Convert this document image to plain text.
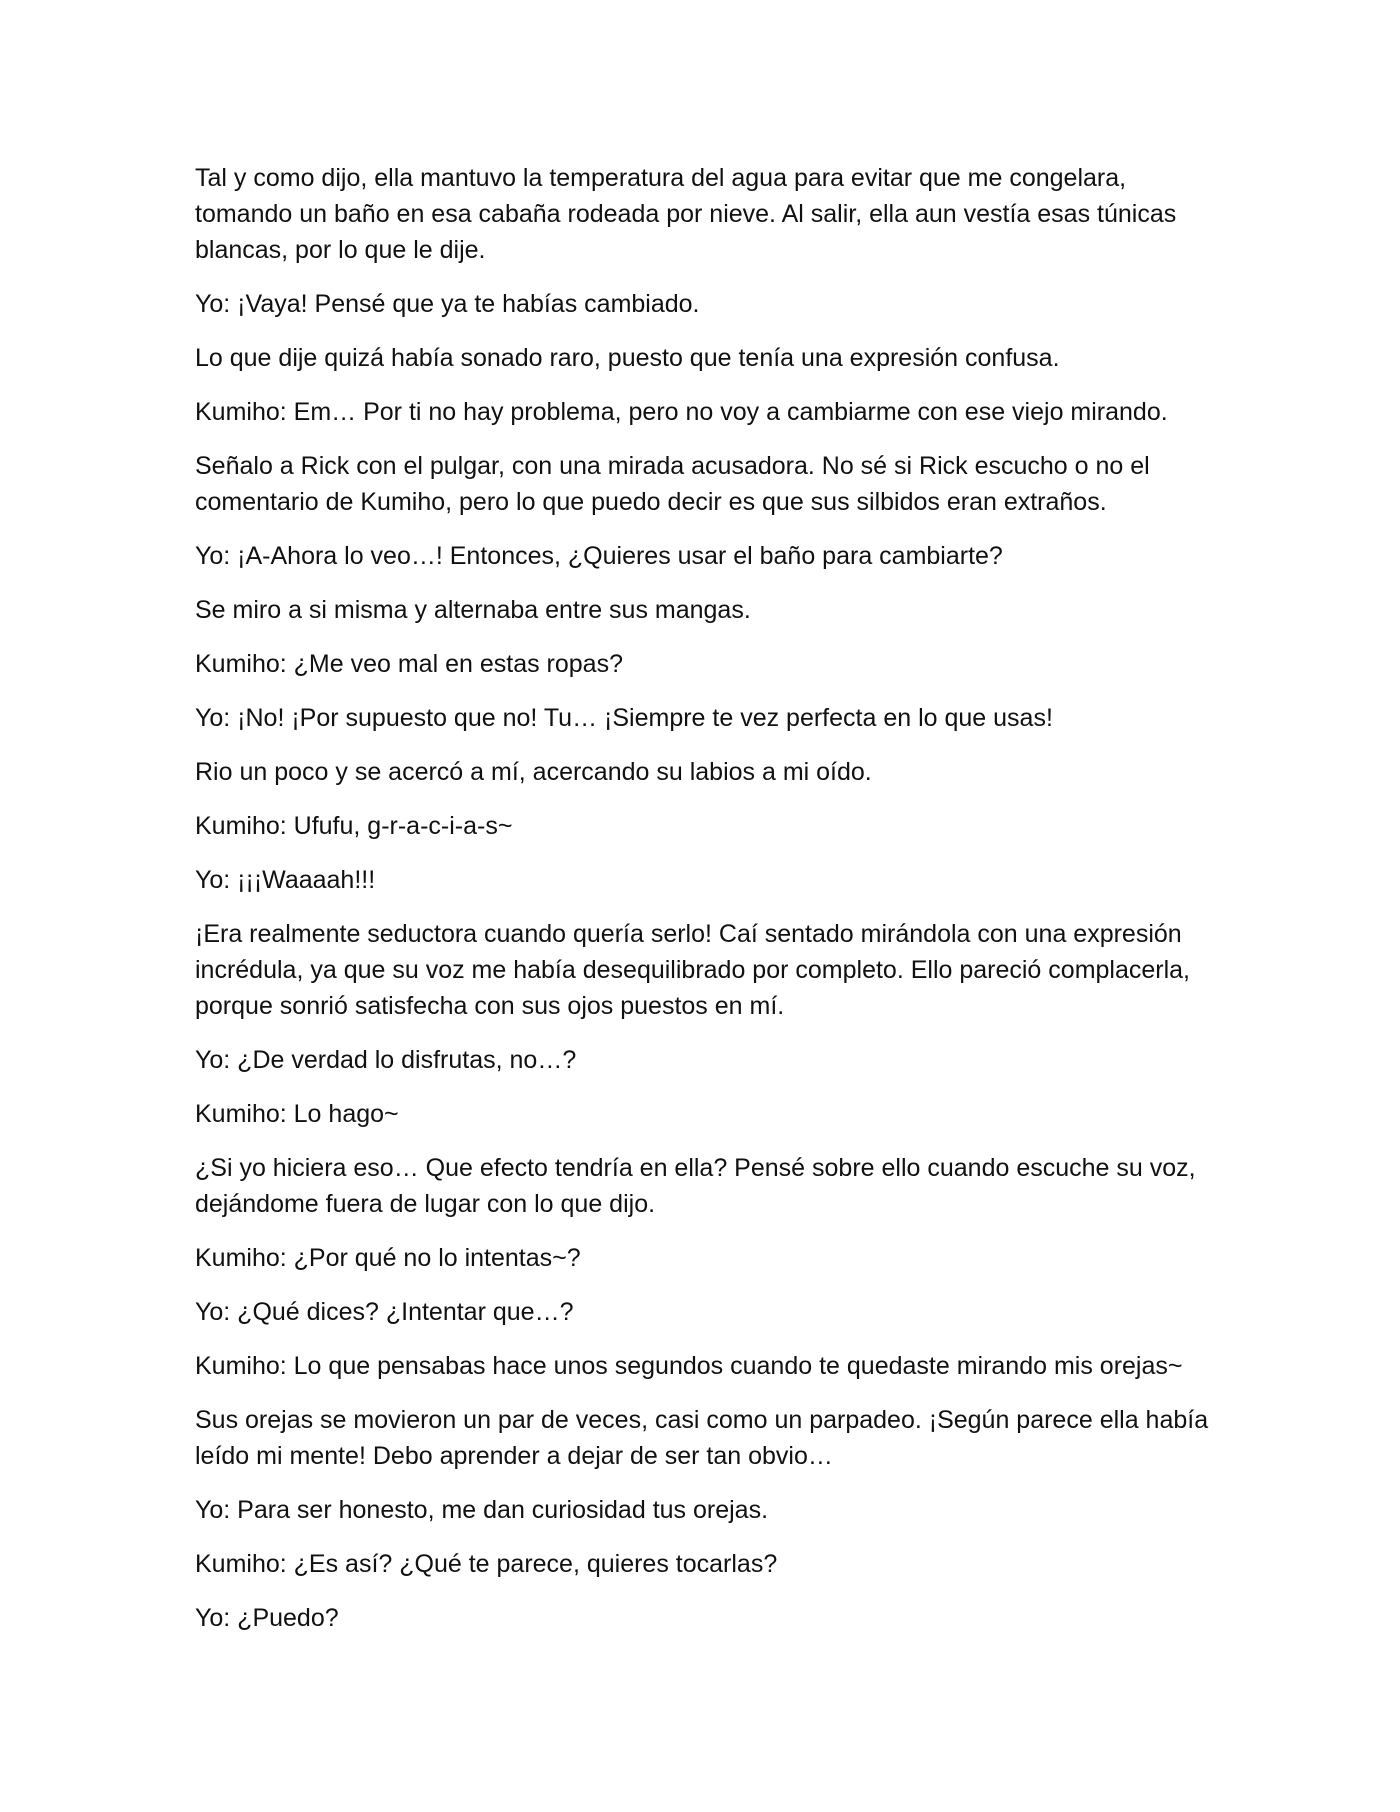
Tal y como dijo, ella mantuvo la temperatura del agua para evitar que me congelara, tomando un baño en esa cabaña rodeada por nieve. Al salir, ella aun vestía esas túnicas blancas, por lo que le dije.

Yo: ¡Vaya! Pensé que ya te habías cambiado.

Lo que dije quizá había sonado raro, puesto que tenía una expresión confusa.

Kumiho: Em… Por ti no hay problema, pero no voy a cambiarme con ese viejo mirando.

Señalo a Rick con el pulgar, con una mirada acusadora. No sé si Rick escucho o no el comentario de Kumiho, pero lo que puedo decir es que sus silbidos eran extraños.

Yo: ¡A-Ahora lo veo…! Entonces, ¿Quieres usar el baño para cambiarte?

Se miro a si misma y alternaba entre sus mangas.

Kumiho: ¿Me veo mal en estas ropas?

Yo: ¡No! ¡Por supuesto que no! Tu… ¡Siempre te vez perfecta en lo que usas!

Rio un poco y se acercó a mí, acercando su labios a mi oído.

Kumiho: Ufufu, g-r-a-c-i-a-s~

Yo: ¡¡¡Waaaah!!!

¡Era realmente seductora cuando quería serlo! Caí sentado mirándola con una expresión incrédula, ya que su voz me había desequilibrado por completo. Ello pareció complacerla, porque sonrió satisfecha con sus ojos puestos en mí.

Yo: ¿De verdad lo disfrutas, no…?

Kumiho: Lo hago~

¿Si yo hiciera eso… Que efecto tendría en ella? Pensé sobre ello cuando escuche su voz, dejándome fuera de lugar con lo que dijo.

Kumiho: ¿Por qué no lo intentas~?

Yo: ¿Qué dices? ¿Intentar que…?

Kumiho: Lo que pensabas hace unos segundos cuando te quedaste mirando mis orejas~

Sus orejas se movieron un par de veces, casi como un parpadeo. ¡Según parece ella había leído mi mente! Debo aprender a dejar de ser tan obvio…

Yo: Para ser honesto, me dan curiosidad tus orejas.

Kumiho: ¿Es así? ¿Qué te parece, quieres tocarlas?

Yo: ¿Puedo?
